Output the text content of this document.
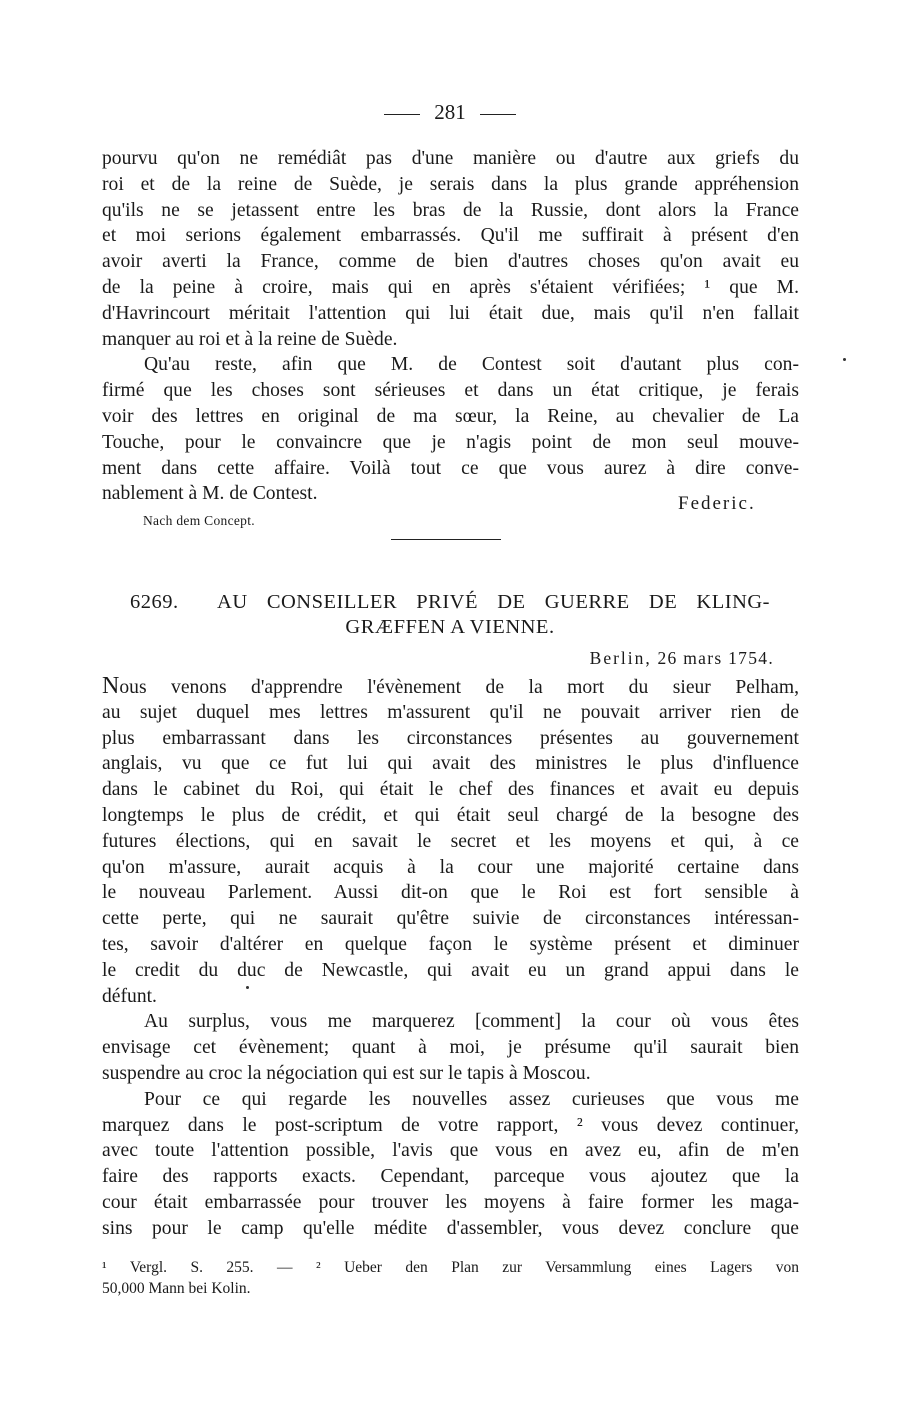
281
pourvu qu'on ne remédiât pas d'une manière ou d'autre aux griefs du
roi et de la reine de Suède, je serais dans la plus grande appréhension
qu'ils ne se jetassent entre les bras de la Russie, dont alors la France
et moi serions également embarrassés. Qu'il me suffirait à présent d'en
avoir averti la France, comme de bien d'autres choses qu'on avait eu
de la peine à croire, mais qui en après s'étaient vérifiées; ¹ que M.
d'Havrincourt méritait l'attention qui lui était due, mais qu'il n'en fallait
manquer au roi et à la reine de Suède.
Qu'au reste, afin que M. de Contest soit d'autant plus con-
firmé que les choses sont sérieuses et dans un état critique, je ferais
voir des lettres en original de ma sœur, la Reine, au chevalier de La
Touche, pour le convaincre que je n'agis point de mon seul mouve-
ment dans cette affaire. Voilà tout ce que vous aurez à dire conve-
nablement à M. de Contest.	Federic.
Nach dem Concept.
6269. AU CONSEILLER PRIVÉ DE GUERRE DE KLING-
GRÆFFEN A VIENNE.
Berlin, 26 mars 1754.
Nous venons d'apprendre l'évènement de la mort du sieur Pelham,
au sujet duquel mes lettres m'assurent qu'il ne pouvait arriver rien de
plus embarrassant dans les circonstances présentes au gouvernement
anglais, vu que ce fut lui qui avait des ministres le plus d'influence
dans le cabinet du Roi, qui était le chef des finances et avait eu depuis
longtemps le plus de crédit, et qui était seul chargé de la besogne des
futures élections, qui en savait le secret et les moyens et qui, à ce
qu'on m'assure, aurait acquis à la cour une majorité certaine dans
le nouveau Parlement. Aussi dit-on que le Roi est fort sensible à
cette perte, qui ne saurait qu'être suivie de circonstances intéressan-
tes, savoir d'altérer en quelque façon le système présent et diminuer
le credit du duc de Newcastle, qui avait eu un grand appui dans le
défunt.
Au surplus, vous me marquerez [comment] la cour où vous êtes
envisage cet évènement; quant à moi, je présume qu'il saurait bien
suspendre au croc la négociation qui est sur le tapis à Moscou.
Pour ce qui regarde les nouvelles assez curieuses que vous me
marquez dans le post-scriptum de votre rapport, ² vous devez continuer,
avec toute l'attention possible, l'avis que vous en avez eu, afin de m'en
faire des rapports exacts. Cependant, parceque vous ajoutez que la
cour était embarrassée pour trouver les moyens à faire former les maga-
sins pour le camp qu'elle médite d'assembler, vous devez conclure que
¹ Vergl. S. 255. — ² Ueber den Plan zur Versammlung eines Lagers von
50,000 Mann bei Kolin.
